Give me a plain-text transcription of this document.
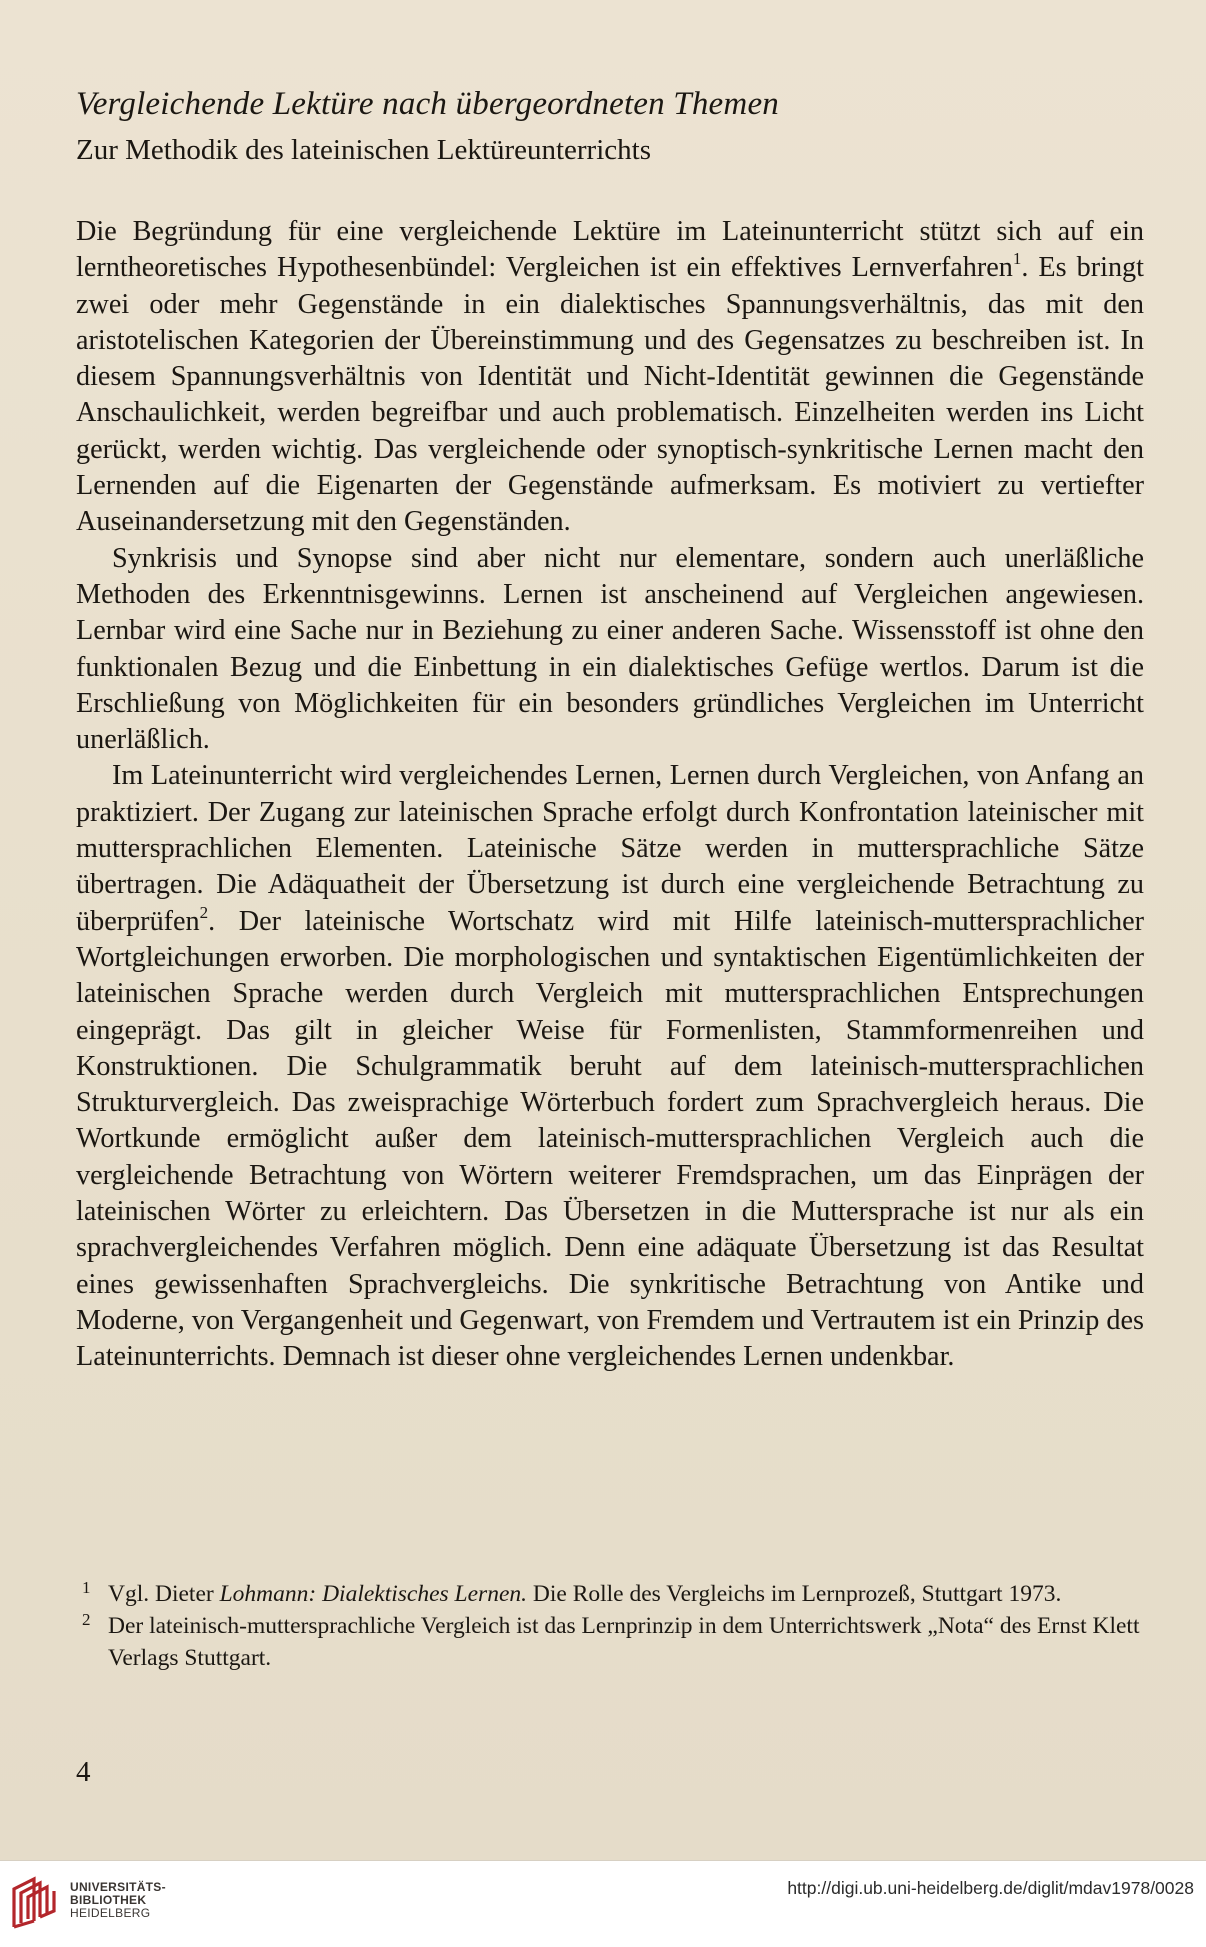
Vergleichende Lektüre nach übergeordneten Themen
Zur Methodik des lateinischen Lektüreunterrichts

Die Begründung für eine vergleichende Lektüre im Lateinunterricht stützt sich auf ein lerntheoretisches Hypothesenbündel: Vergleichen ist ein effektives Lernverfahren$^1$. Es bringt zwei oder mehr Gegenstände in ein dialektisches Spannungsverhältnis, das mit den aristotelischen Kategorien der Übereinstimmung und des Gegensatzes zu beschreiben ist. In diesem Spannungsverhältnis von Identität und Nicht-Identität gewinnen die Gegenstände Anschaulichkeit, werden begreifbar und auch problematisch. Einzelheiten werden ins Licht gerückt, werden wichtig. Das vergleichende oder synoptisch-synkritische Lernen macht den Lernenden auf die Eigenarten der Gegenstände aufmerksam. Es motiviert zu vertiefter Auseinandersetzung mit den Gegenständen.

Synkrisis und Synopse sind aber nicht nur elementare, sondern auch unerläßliche Methoden des Erkenntnisgewinns. Lernen ist anscheinend auf Vergleichen angewiesen. Lernbar wird eine Sache nur in Beziehung zu einer anderen Sache. Wissensstoff ist ohne den funktionalen Bezug und die Einbettung in ein dialektisches Gefüge wertlos. Darum ist die Erschließung von Möglichkeiten für ein besonders gründliches Vergleichen im Unterricht unerläßlich.

Im Lateinunterricht wird vergleichendes Lernen, Lernen durch Vergleichen, von Anfang an praktiziert. Der Zugang zur lateinischen Sprache erfolgt durch Konfrontation lateinischer mit muttersprachlichen Elementen. Lateinische Sätze werden in muttersprachliche Sätze übertragen. Die Adäquatheit der Übersetzung ist durch eine vergleichende Betrachtung zu überprüfen$^2$. Der lateinische Wortschatz wird mit Hilfe lateinisch-muttersprachlicher Wortgleichungen erworben. Die morphologischen und syntaktischen Eigentümlichkeiten der lateinischen Sprache werden durch Vergleich mit muttersprachlichen Entsprechungen eingeprägt. Das gilt in gleicher Weise für Formenlisten, Stammformenreihen und Konstruktionen. Die Schulgrammatik beruht auf dem lateinisch-muttersprachlichen Strukturvergleich. Das zweisprachige Wörterbuch fordert zum Sprachvergleich heraus. Die Wortkunde ermöglicht außer dem lateinisch-muttersprachlichen Vergleich auch die vergleichende Betrachtung von Wörtern weiterer Fremdsprachen, um das Einprägen der lateinischen Wörter zu erleichtern. Das Übersetzen in die Muttersprache ist nur als ein sprachvergleichendes Verfahren möglich. Denn eine adäquate Übersetzung ist das Resultat eines gewissenhaften Sprachvergleichs. Die synkritische Betrachtung von Antike und Moderne, von Vergangenheit und Gegenwart, von Fremdem und Vertrautem ist ein Prinzip des Lateinunterrichts. Demnach ist dieser ohne vergleichendes Lernen undenkbar.

1 Vgl. Dieter Lohmann: Dialektisches Lernen. Die Rolle des Vergleichs im Lernprozeß, Stuttgart 1973.

2 Der lateinisch-muttersprachliche Vergleich ist das Lernprinzip in dem Unterrichtswerk „Nota“ des Ernst Klett Verlags Stuttgart.

4
UNIVERSITÄTS-
BIBLIOTHEK
HEIDELBERG
http://digi.ub.uni-heidelberg.de/diglit/mdav1978/0028
